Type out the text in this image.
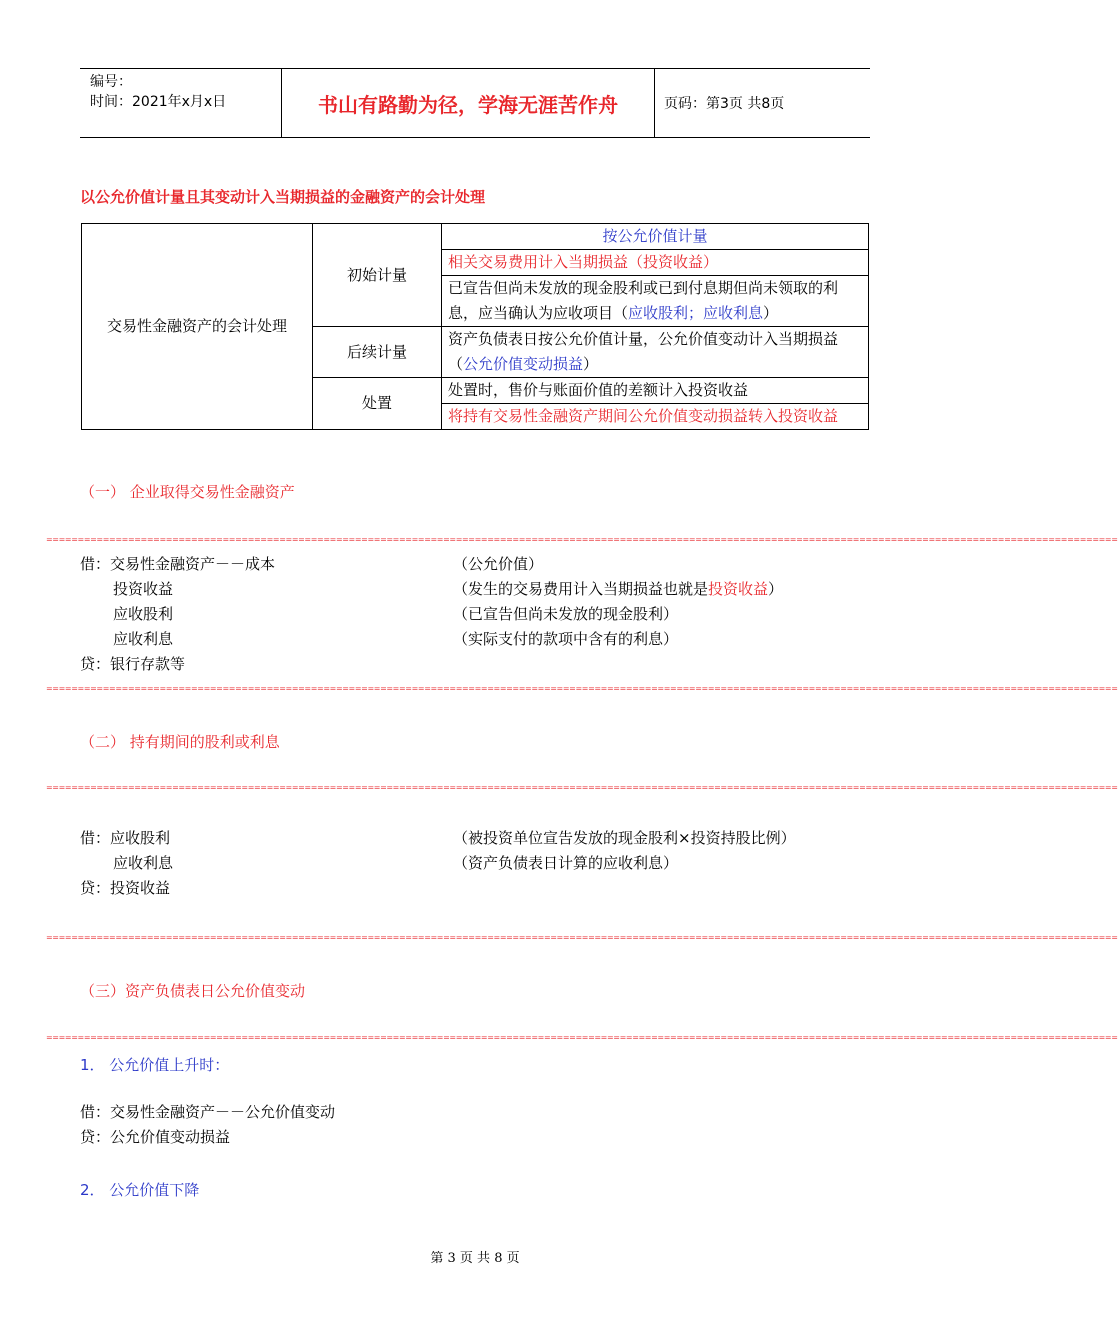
编号：
时间：2021年x月x日	书山有路勤为径，学海无涯苦作舟	页码：第3页 共8页
以公允价值计量且其变动计入当期损益的金融资产的会计处理
交易性金融资产的会计处理	初始计量	按公允价值计量
		相关交易费用计入当期损益（投资收益）
		已宣告但尚未发放的现金股利或已到付息期但尚未领取的利息，应当确认为应收项目（应收股利；应收利息）
	后续计量	资产负债表日按公允价值计量，公允价值变动计入当期损益（公允价值变动损益）
	处置	处置时，售价与账面价值的差额计入投资收益
		将持有交易性金融资产期间公允价值变动损益转入投资收益
（一） 企业取得交易性金融资产
==========================================================================================================================================================================
借：交易性金融资产－－成本	（公允价值）
投资收益	（发生的交易费用计入当期损益也就是投资收益）
应收股利	（已宣告但尚未发放的现金股利）
应收利息	（实际支付的款项中含有的利息）
贷：银行存款等
==========================================================================================================================================================================
（二） 持有期间的股利或利息
==========================================================================================================================================================================
借：应收股利	（被投资单位宣告发放的现金股利×投资持股比例）
应收利息	（资产负债表日计算的应收利息）
贷：投资收益
==========================================================================================================================================================================
（三）资产负债表日公允价值变动
==========================================================================================================================================================================
1． 公允价值上升时：
借：交易性金融资产－－公允价值变动
贷：公允价值变动损益
2． 公允价值下降
第 3 页 共 8 页
